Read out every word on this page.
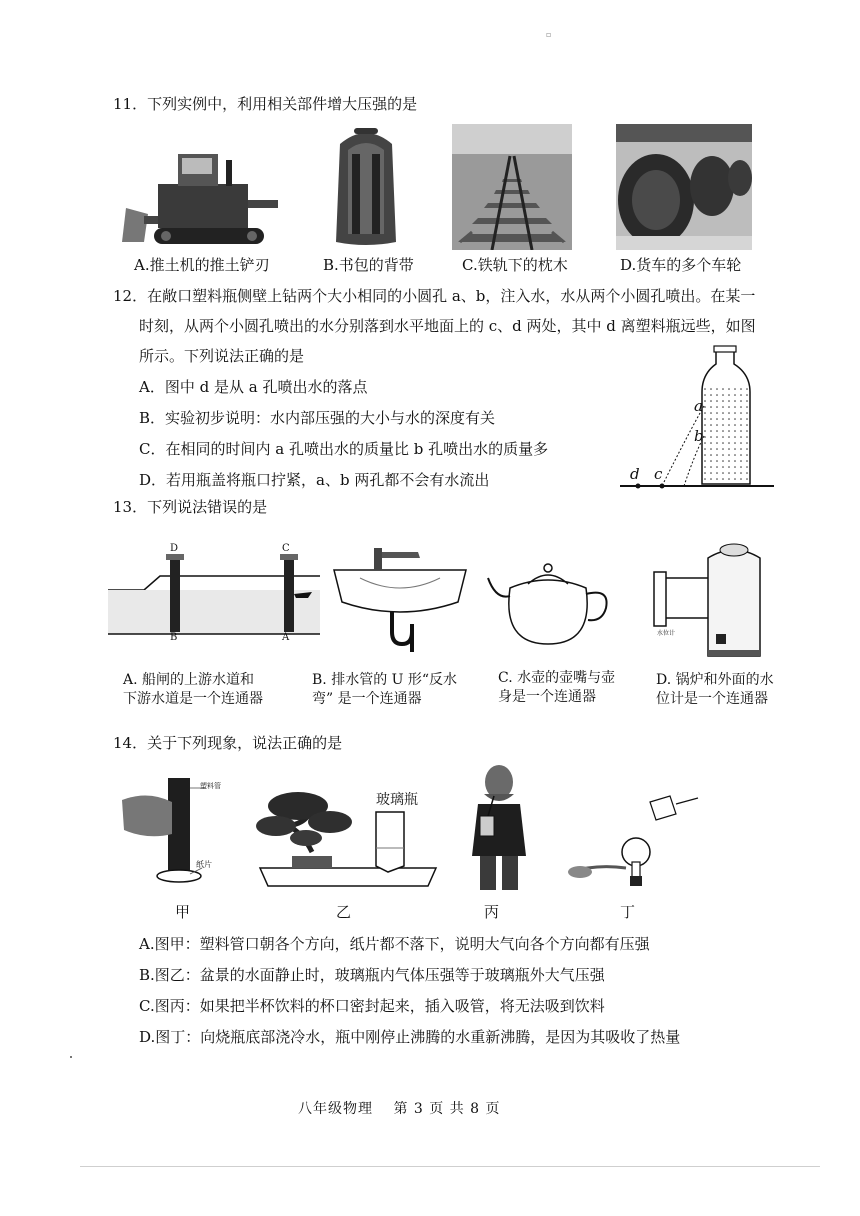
▫
11．下列实例中，利用相关部件增大压强的是
A.推土机的推土铲刃	B.书包的背带	C.铁轨下的枕木	D.货车的多个车轮
12．在敞口塑料瓶侧壁上钻两个大小相同的小圆孔 a、b，注入水，水从两个小圆孔喷出。在某一
时刻，从两个小圆孔喷出的水分别落到水平地面上的 c、d 两处，其中 d 离塑料瓶远些，如图
所示。下列说法正确的是
A．图中 d 是从 a 孔喷出水的落点
B．实验初步说明：水内部压强的大小与水的深度有关
C．在相同的时间内 a 孔喷出水的质量比 b 孔喷出水的质量多
D．若用瓶盖将瓶口拧紧，a、b 两孔都不会有水流出
a
b
d c
13．下列说法错误的是
D	C
B	A	水位计
A. 船闸的上游水道和
下游水道是一个连通器
B. 排水管的 U 形“反水
弯” 是一个连通器
C. 水壶的壶嘴与壶
身是一个连通器
D. 锅炉和外面的水
位计是一个连通器
14．关于下列现象，说法正确的是
塑料管
纸片
玻璃瓶
甲	乙	丙	丁
A.图甲：塑料管口朝各个方向，纸片都不落下，说明大气向各个方向都有压强
B.图乙：盆景的水面静止时，玻璃瓶内气体压强等于玻璃瓶外大气压强
C.图丙：如果把半杯饮料的杯口密封起来，插入吸管，将无法吸到饮料
D.图丁：向烧瓶底部浇冷水，瓶中刚停止沸腾的水重新沸腾，是因为其吸收了热量
八年级物理　 第 3 页 共 8 页
